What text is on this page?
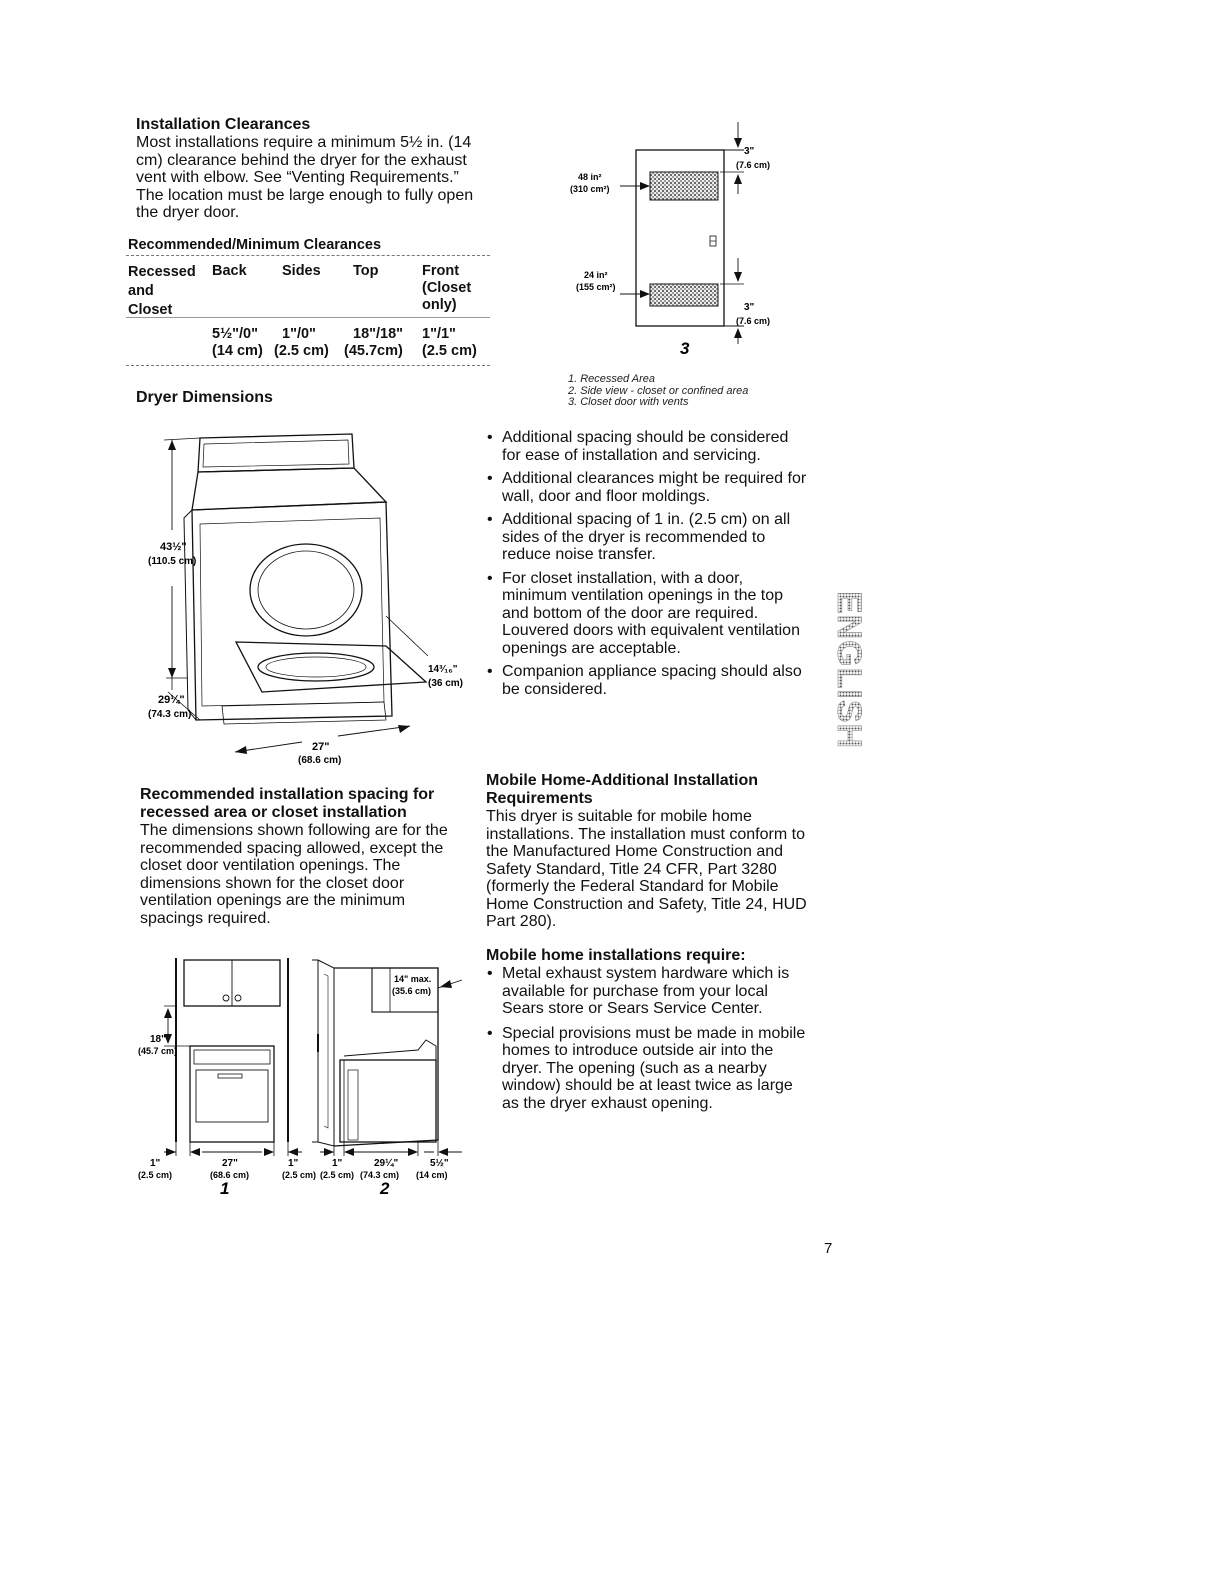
Installation Clearances
Most installations require a minimum 5½ in. (14 cm) clearance behind the dryer for the exhaust vent with elbow. See “Venting Requirements.” The location must be large enough to fully open the dryer door.
Recommended/Minimum Clearances
Recessed and Closet
Back Sides Top	Front (Closet only)
5½"/0" 1"/0"	18"/18" 1"/1"
(14 cm) (2.5 cm) (45.7cm) (2.5 cm)
Dryer Dimensions
43½"
(110.5 cm)
29¼"
(74.3 cm)
14³⁄₁₆"
(36 cm)
27"
(68.6 cm)
Recommended installation spacing for recessed area or closet installation
The dimensions shown following are for the recommended spacing allowed, except the closet door ventilation openings. The dimensions shown for the closet door ventilation openings are the minimum spacings required.
18"
(45.7 cm)
1"
(2.5 cm)
27"
(68.6 cm)
1"
(2.5 cm)
1
14" max.
(35.6 cm)
1"
(2.5 cm)
29¼"
(74.3 cm)
5½"
(14 cm)
2
3"
(7.6 cm)
3"
(7.6 cm)
48 in²
(310 cm²)
24 in²
(155 cm²)
3
1. Recessed Area
2. Side view - closet or confined area
3. Closet door with vents
• Additional spacing should be considered for ease of installation and servicing.
• Additional clearances might be required for wall, door and floor moldings.
• Additional spacing of 1 in. (2.5 cm) on all sides of the dryer is recommended to reduce noise transfer.
• For closet installation, with a door, minimum ventilation openings in the top and bottom of the door are required. Louvered doors with equivalent ventilation openings are acceptable.
• Companion appliance spacing should also be considered.
Mobile Home-Additional Installation Requirements
This dryer is suitable for mobile home installations. The installation must conform to the Manufactured Home Construction and Safety Standard, Title 24 CFR, Part 3280 (formerly the Federal Standard for Mobile Home Construction and Safety, Title 24, HUD Part 280).
Mobile home installations require:
• Metal exhaust system hardware which is available for purchase from your local Sears store or Sears Service Center.
• Special provisions must be made in mobile homes to introduce outside air into the dryer. The opening (such as a nearby window) should be at least twice as large as the dryer exhaust opening.
ENGLISH
7
